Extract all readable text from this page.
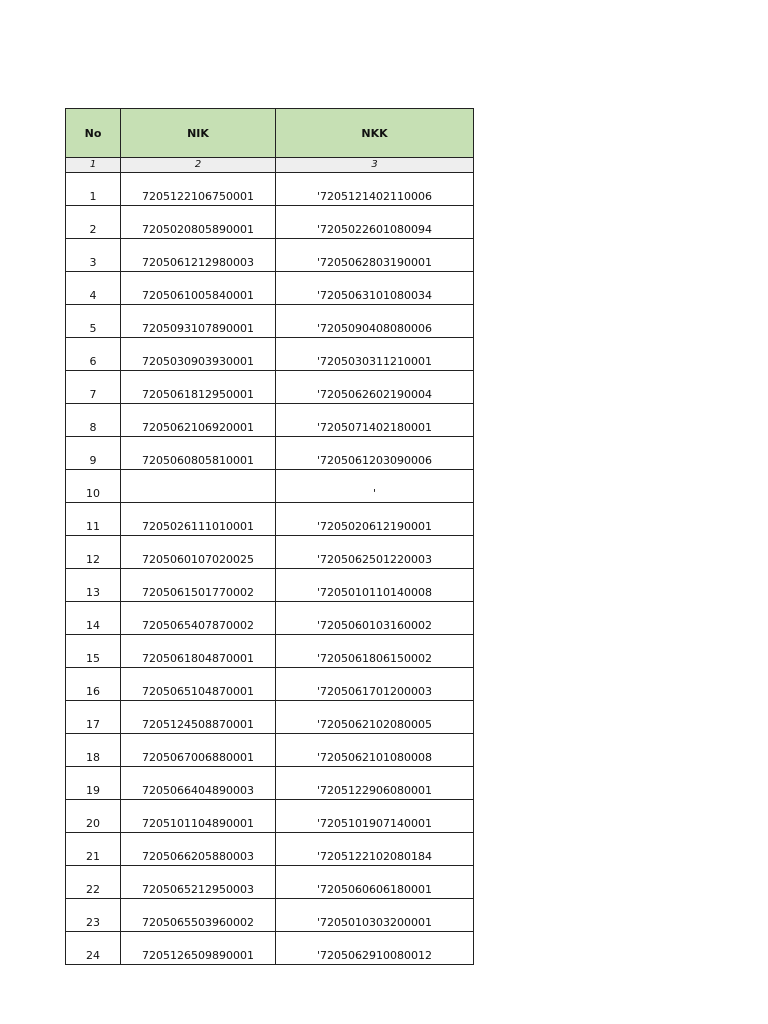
No	NIK	NKK
1	2	3
1	7205122106750001	'7205121402110006
2	7205020805890001	'7205022601080094
3	7205061212980003	'7205062803190001
4	7205061005840001	'7205063101080034
5	7205093107890001	'7205090408080006
6	7205030903930001	'7205030311210001
7	7205061812950001	'7205062602190004
8	7205062106920001	'7205071402180001
9	7205060805810001	'7205061203090006
10		'
11	7205026111010001	'7205020612190001
12	7205060107020025	'7205062501220003
13	7205061501770002	'7205010110140008
14	7205065407870002	'7205060103160002
15	7205061804870001	'7205061806150002
16	7205065104870001	'7205061701200003
17	7205124508870001	'7205062102080005
18	7205067006880001	'7205062101080008
19	7205066404890003	'7205122906080001
20	7205101104890001	'7205101907140001
21	7205066205880003	'7205122102080184
22	7205065212950003	'7205060606180001
23	7205065503960002	'7205010303200001
24	7205126509890001	'7205062910080012
